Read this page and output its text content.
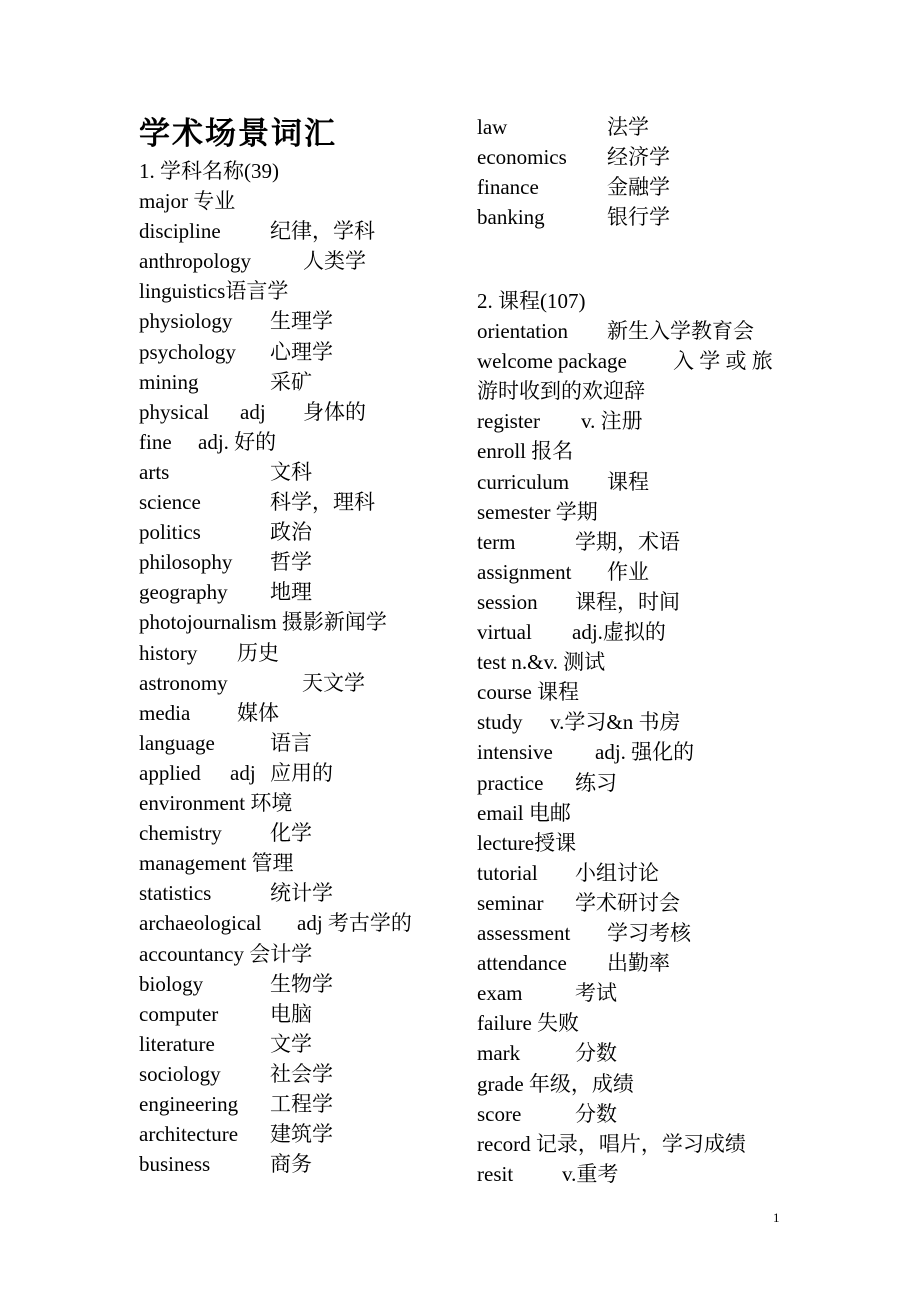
学术场景词汇
1. 学科名称(39)
major 专业
discipline 纪律，学科
anthropology 人类学
linguistics语言学
physiology 生理学
psychology 心理学
mining	采矿
physical adj 身体的
fine adj. 好的
arts	文科
science	科学，理科
politics	政治
philosophy 哲学
geography 地理
photojournalism 摄影新闻学
history 历史
astronomy	天文学
media 媒体
language	语言
applied adj 应用的
environment 环境
chemistry 化学
management 管理
statistics	统计学
archaeological adj 考古学的
accountancy 会计学
biology	生物学
computer 电脑
literature	文学
sociology 社会学
engineering 工程学
architecture 建筑学
business	商务
law	法学
economics 经济学
finance	金融学
banking	银行学
2. 课程(107)
orientation 新生入学教育会
welcome package 入 学 或 旅
游时收到的欢迎辞
register v. 注册
enroll 报名
curriculum 课程
semester 学期
term	学期，术语
assignment 作业
session 课程，时间
virtual adj.虚拟的
test n.&v. 测试
course 课程
study v.学习&n 书房
intensive adj. 强化的
practice 练习
email 电邮
lecture授课
tutorial 小组讨论
seminar 学术研讨会
assessment 学习考核
attendance 出勤率
exam	考试
failure 失败
mark	分数
grade 年级，成绩
score	分数
record 记录，唱片，学习成绩
resit v.重考
1
